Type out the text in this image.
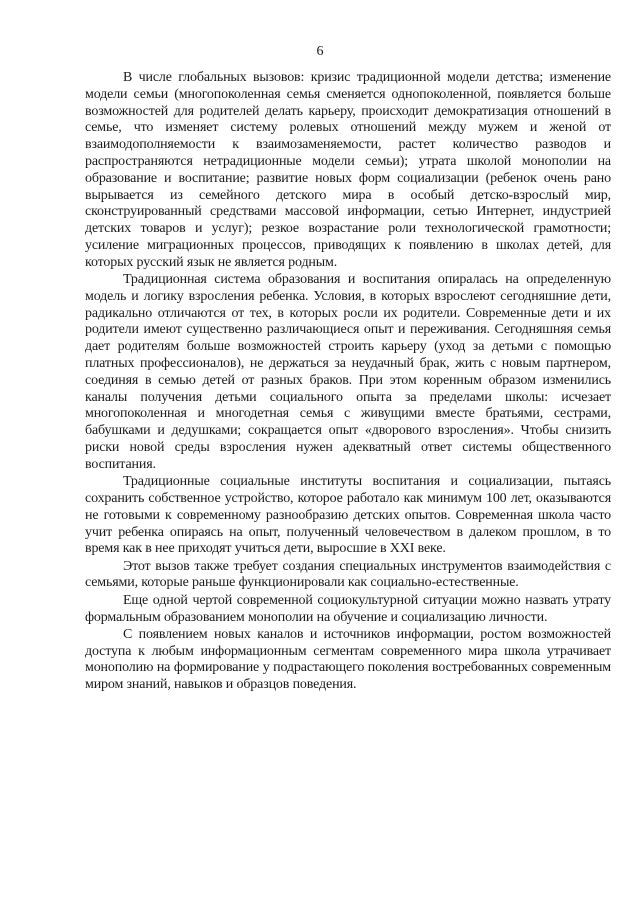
6

В числе глобальных вызовов: кризис традиционной модели детства; изменение модели семьи (многопоколенная семья сменяется однопоколенной, появляется больше возможностей для родителей делать карьеру, происходит демократизация отношений в семье, что изменяет систему ролевых отношений между мужем и женой от взаимодополняемости к взаимозаменяемости, растет количество разводов и распространяются нетрадиционные модели семьи); утрата школой монополии на образование и воспитание; развитие новых форм социализации (ребенок очень рано вырывается из семейного детского мира в особый детско-взрослый мир, сконструированный средствами массовой информации, сетью Интернет, индустрией детских товаров и услуг); резкое возрастание роли технологической грамотности; усиление миграционных процессов, приводящих к появлению в школах детей, для которых русский язык не является родным.

Традиционная система образования и воспитания опиралась на определенную модель и логику взросления ребенка. Условия, в которых взрослеют сегодняшние дети, радикально отличаются от тех, в которых росли их родители. Современные дети и их родители имеют существенно различающиеся опыт и переживания. Сегодняшняя семья дает родителям больше возможностей строить карьеру (уход за детьми с помощью платных профессионалов), не держаться за неудачный брак, жить с новым партнером, соединяя в семью детей от разных браков. При этом коренным образом изменились каналы получения детьми социального опыта за пределами школы: исчезает многопоколенная и многодетная семья с живущими вместе братьями, сестрами, бабушками и дедушками; сокращается опыт «дворового взросления». Чтобы снизить риски новой среды взросления нужен адекватный ответ системы общественного воспитания.

Традиционные социальные институты воспитания и социализации, пытаясь сохранить собственное устройство, которое работало как минимум 100 лет, оказываются не готовыми к современному разнообразию детских опытов. Современная школа часто учит ребенка опираясь на опыт, полученный человечеством в далеком прошлом, в то время как в нее приходят учиться дети, выросшие в XXI веке.

Этот вызов также требует создания специальных инструментов взаимодействия с семьями, которые раньше функционировали как социально-естественные.

Еще одной чертой современной социокультурной ситуации можно назвать утрату формальным образованием монополии на обучение и социализацию личности.

С появлением новых каналов и источников информации, ростом возможностей доступа к любым информационным сегментам современного мира школа утрачивает монополию на формирование у подрастающего поколения востребованных современным миром знаний, навыков и образцов поведения.
